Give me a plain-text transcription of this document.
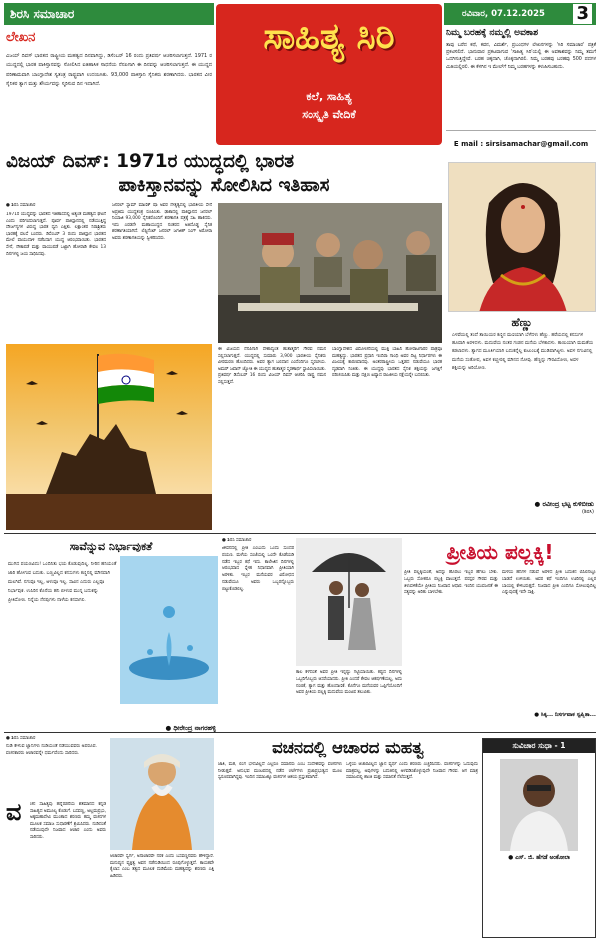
ಶಿರಸಿ ಸಮಾಚಾರ
ಲೇಖನ
ವಿಜಯ್ ದಿವಸ್ ಭಾರತದ ರಾಷ್ಟ್ರೀಯ ಮಹತ್ವದ ದಿನವಾಗಿದ್ದು, ಡಿಸೆಂಬರ್ 16 ರಂದು ಪ್ರತಿವರ್ಷ ಆಚರಿಸಲಾಗುತ್ತದೆ. 1971 ರ ಯುದ್ಧದಲ್ಲಿ ಭಾರತ ಪಾಕಿಸ್ತಾನವನ್ನು ಸೋಲಿಸಿದ ಐತಿಹಾಸಿಕ ಸಾಧನೆಯ ನೆನಪಿಗಾಗಿ ಈ ದಿನವನ್ನು ಆಚರಿಸಲಾಗುತ್ತದೆ. ಈ ಯುದ್ಧದ ಪರಿಣಾಮವಾಗಿ ಬಾಂಗ್ಲಾದೇಶ ಸ್ವತಂತ್ರ ರಾಷ್ಟ್ರವಾಗಿ ಉದಯಿಸಿತು. 93,000 ಪಾಕಿಸ್ತಾನಿ ಸೈನಿಕರು ಶರಣಾಗಿದರು. ಭಾರತದ ವೀರ ಸೈನಿಕರ ತ್ಯಾಗ ಮತ್ತು ಶೌರ್ಯವನ್ನು ಸ್ಮರಿಸುವ ದಿನ ಇದಾಗಿದೆ.
ಸಾಹಿತ್ಯ ಸಿರಿ
ಕಲೆ, ಸಾಹಿತ್ಯ
ಸಂಸ್ಕೃತಿ ವೇದಿಕೆ
ರವಿವಾರ, 07.12.2025 3
ನಿಮ್ಮ ಬರಹಕ್ಕೆ ನಮ್ಮಲ್ಲಿ ಅವಕಾಶ
ತಾವು ಬರೆದ ಕಥೆ, ಕವನ, ವಿಮರ್ಶೆ, ಪ್ರಬಂಧಗಳ ಲೇಖನಗಳನ್ನು 'ಸಿರಿ ಸಮಾಚಾರ' ಪತ್ರಿಕೆ ಪ್ರಕಟಿಸಲಿದೆ. ಭಾನುವಾರ ಪ್ರಕಟವಾಗುವ 'ಸಾಹಿತ್ಯ ಸಿರಿ'ಯಲ್ಲಿ ಈ ಅವಕಾಶವನ್ನು ನಿಮ್ಮ ತಮಗೆ ಒದಗಿಸುತ್ತಿದ್ದೇವೆ. ಬರಹ ಚಿಕ್ಕದಾಗಿ, ಚೊಕ್ಕದಾಗಿರಲಿ. ನಿಮ್ಮ ಬರಹವು ಬರಹವು 500 ಪದಗಳ ಮಿತಿಯಲ್ಲಿರಲಿ. ಈ ಕೆಳಗಿನ ಇ ಮೇಲ್‌ಗೆ ನಿಮ್ಮ ಬರಹಗಳನ್ನು ಕಳುಹಿಸಬಹುದು.
E mail : sirsisamachar@gmail.com
ವಿಜಯ್ ದಿವಸ್: 1971ರ ಯುದ್ಧದಲ್ಲಿ ಭಾರತ
ಪಾಕಿಸ್ತಾನವನ್ನು ಸೋಲಿಸಿದ ಇತಿಹಾಸ
● ಶಿರಸಿ ಸಮಾಚಾರ
1971ರ ಯುದ್ಧವನ್ನು ಭಾರತದ ಇತಿಹಾಸದಲ್ಲಿ ಅತ್ಯಂತ ಮಹತ್ವದ ಘಟನೆ ಎಂದು ಪರಿಗಣಿಸಲಾಗುತ್ತದೆ. ಪೂರ್ವ ಪಾಕಿಸ್ತಾನದಲ್ಲಿ ನಡೆಯುತ್ತಿದ್ದ ದೌರ್ಜನ್ಯಗಳ ವಿರುದ್ಧ ಭಾರತ ಧ್ವನಿ ಎತ್ತಿತು. ಲಕ್ಷಾಂತರ ನಿರಾಶ್ರಿತರು ಭಾರತಕ್ಕೆ ವಲಸೆ ಬಂದರು. ಡಿಸೆಂಬರ್ 3 ರಂದು ಪಾಕಿಸ್ತಾನ ಭಾರತದ ಮೇಲೆ ವಾಯುದಾಳಿ ನಡೆಸಿದಾಗ ಯುದ್ಧ ಆರಂಭವಾಯಿತು. ಭಾರತದ ಸೇನೆ, ನೌಕಾಪಡೆ ಮತ್ತು ವಾಯುಪಡೆ ಒಟ್ಟಾಗಿ ಹೋರಾಡಿ ಕೇವಲ 13 ದಿನಗಳಲ್ಲಿ ಜಯ ಸಾಧಿಸಿದವು.
ಜನರಲ್ ಸ್ಯಾಮ್ ಮಾಣಿಕ್ ಷಾ ಅವರ ನೇತೃತ್ವದಲ್ಲಿ ಭಾರತೀಯ ಸೇನೆ ಅಪ್ರತಿಮ ಯುದ್ಧತಂತ್ರ ರೂಪಿಸಿತು. ಢಾಕಾದಲ್ಲಿ ಪಾಕಿಸ್ತಾನದ ಜನರಲ್ ನಿಯಾಜಿ 93,000 ಸೈನಿಕರೊಂದಿಗೆ ಶರಣಾಗತಿ ಪತ್ರಕ್ಕೆ ಸಹಿ ಹಾಕಿದರು. ಇದು ಎರಡನೇ ಮಹಾಯುದ್ಧದ ನಂತರದ ಅತಿದೊಡ್ಡ ಸೈನಿಕ ಶರಣಾಗತಿಯಾಗಿದೆ. ಲೆಫ್ಟಿನೆಂಟ್ ಜನರಲ್ ಜಗಜಿತ್ ಸಿಂಗ್ ಅರೋರಾ ಅವರು ಶರಣಾಗತಿಯನ್ನು ಸ್ವೀಕರಿಸಿದರು.
ಈ ವಿಜಯದ ನೆನಪಿಗಾಗಿ ದೇಶಾದ್ಯಂತ ಹುತಾತ್ಮರಿಗೆ ಗೌರವ ನಮನ ಸಲ್ಲಿಸಲಾಗುತ್ತದೆ. ಯುದ್ಧದಲ್ಲಿ ಸುಮಾರು 3,900 ಭಾರತೀಯ ಸೈನಿಕರು ವೀರಮರಣ ಹೊಂದಿದರು. ಅವರ ತ್ಯಾಗ ಬಲಿದಾನ ಎಂದೆಂದಿಗೂ ಸ್ಮರಣೀಯ. ಅಮರ್ ಜವಾನ್ ಜ್ಯೋತಿ ಈ ಯುದ್ಧದ ಹುತಾತ್ಮರ ಸ್ಮರಣಾರ್ಥ ಸ್ಥಾಪಿಸಲಾಯಿತು. ಪ್ರತಿವರ್ಷ ಡಿಸೆಂಬರ್ 16 ರಂದು ವಿಜಯ್ ದಿವಸ್ ಆಚರಿಸಿ ರಾಷ್ಟ್ರ ನಮನ ಸಲ್ಲಿಸುತ್ತದೆ.
ಬಾಂಗ್ಲಾದೇಶದ ವಿಮೋಚನೆಯಲ್ಲಿ ಮುಕ್ತಿ ಬಾಹಿನಿ ಹೋರಾಟಗಾರರ ಪಾತ್ರವೂ ಮಹತ್ವದ್ದು. ಭಾರತದ ಪ್ರಧಾನಿ ಇಂದಿರಾ ಗಾಂಧಿ ಅವರ ದಿಟ್ಟ ನಿರ್ಧಾರಗಳು ಈ ವಿಜಯಕ್ಕೆ ಕಾರಣವಾದವು. ಅಂತರರಾಷ್ಟ್ರೀಯ ಒತ್ತಡದ ನಡುವೆಯೂ ಭಾರತ ದೃಢವಾಗಿ ನಿಂತಿತು. ಈ ಯುದ್ಧವು ಭಾರತದ ಸೈನಿಕ ಶಕ್ತಿಯನ್ನು ಜಗತ್ತಿಗೆ ಪರಿಚಯಿಸಿತು ಮತ್ತು ದಕ್ಷಿಣ ಏಷ್ಯಾದ ರಾಜಕೀಯ ನಕ್ಷೆಯನ್ನೇ ಬದಲಿಸಿತು.
ಹೆಣ್ಣು
ಎಳವೆಯಲ್ಲಿ ತಂದೆ ತಾಯಿಯರ ಕಣ್ಣಿನ ಮಣಿಯಾಗಿ ಬೆಳೆದಳು ಹೆಣ್ಣು. ಹರೆಯದಲ್ಲಿ ಕನಸುಗಳ ಹೂವಾಗಿ ಅರಳಿದಳು. ಮದುವೆಯ ನಂತರ ಗಂಡನ ಮನೆಯ ಬೆಳಕಾದಳು. ತಾಯಿಯಾಗಿ ಮಮತೆಯ ಕಡಲಾದಳು. ತ್ಯಾಗದ ಮೂರ್ತಿಯಾಗಿ ಬದುಕನ್ನೆಲ್ಲ ಕುಟುಂಬಕ್ಕೆ ಮುಡಿಪಾಗಿಟ್ಟಳು. ಅವಳ ನಗುವಿನಲ್ಲಿ ಮನೆಯ ಸಂತೋಷ, ಅವಳ ಕಣ್ಣೀರಲ್ಲಿ ಮೌನದ ನೋವು. ಹೆಣ್ಣನ್ನು ಗೌರವಿಸೋಣ, ಅವಳ ಶಕ್ತಿಯನ್ನು ಅರಿಯೋಣ.
● ರವೀಂದ್ರ ಭಟ್ಟ ಕುಳಿಬೀಡು
(ಶಿರಸಿ)
ಸಾವೆನ್ನುವ ನಿರ್ಭಾವುಕತೆ
ಮುಗಿದ ಪಯಣವಿದು! ಒಂದಿನಿತು ಭಯ ಕೊಡುವುದಿಲ್ಲ. ನೀರಿನ ಹನಿಯಂತೆ ಜಾರಿ ಹೋಗುವ ಬದುಕು. ಬಣ್ಣವಿಲ್ಲದ ಕನಸುಗಳು ಕಣ್ಣಿನಲ್ಲಿ ಮೌನವಾಗಿ ಮಲಗಿವೆ. ನಗುವೂ ಇಲ್ಲ, ಅಳುವೂ ಇಲ್ಲ. ಸಾವಿನ ಎದುರು ಎಲ್ಲವೂ ನಿರ್ಭಾವುಕ. ಉಸಿರಿನ ಕೊನೆಯ ಹನಿ ಬೀಳುವ ಮುನ್ನ ಬದುಕನ್ನು ಪ್ರೀತಿಸೋಣ. ನಿನ್ನೆಯ ನೆನಪುಗಳು ನಾಳೆಯ ಕನಸಾಗಲಿ.
● ಧೀರೇಂದ್ರ ನಾಗರಹಳ್ಳಿ
● ಶಿರಸಿ ಸಮಾಚಾರ
ಜೀವನದಲ್ಲಿ ಪ್ರೀತಿ ಎಂಬುದು ಒಂದು ಸುಂದರ ಪಯಣ. ಮಳೆಯ ಸಂಜೆಯಲ್ಲಿ ಒಂದೇ ಕೊಡೆಯಡಿ ನಡೆದ ಇಬ್ಬರ ಕಥೆ ಇದು. ಕಾಲೇಜಿನ ದಿನಗಳಲ್ಲಿ ಆರಂಭವಾದ ಸ್ನೇಹ ನಿಧಾನವಾಗಿ ಪ್ರೀತಿಯಾಗಿ ಅರಳಿತು. ಇಬ್ಬರ ಮನೆಯವರ ವಿರೋಧದ ನಡುವೆಯೂ ಅವರು ಒಬ್ಬರನ್ನೊಬ್ಬರು ಬಿಟ್ಟುಕೊಡಲಿಲ್ಲ.
ಪ್ರೀತಿಯ ಪಲ್ಲಕ್ಕಿ!
ಪ್ರೀತಿ ಪಲ್ಲಕ್ಕಿಯಂತೆ, ಅದನ್ನು ಹೊರಲು ಇಬ್ಬರ ಹೆಗಲು ಬೇಕು. ಒಬ್ಬರು ಸೋತರೂ ಪಲ್ಲಕ್ಕಿ ವಾಲುತ್ತದೆ. ಪರಸ್ಪರ ಗೌರವ ಮತ್ತು ತಿಳುವಳಿಕೆಯೇ ಪ್ರೀತಿಯ ನಿಜವಾದ ಆಧಾರ. ಇಂದಿನ ಯುವಜನತೆ ಈ ಸತ್ಯವನ್ನು ಅರಿತು ಬಾಳಬೇಕು.
ಮಳೆಯ ಹನಿಗಳ ನಡುವೆ ಅರಳಿದ ಪ್ರೀತಿ ಬದುಕಿನ ಬಿಸಿಲಿನಲ್ಲೂ ಬಾಡದೆ ಉಳಿಯಿತು. ಅವರ ಕಥೆ ಇಂದಿಗೂ ಊರಿನಲ್ಲಿ ಎಲ್ಲರ ಬಾಯಲ್ಲಿ ಕೇಳಿಬರುತ್ತದೆ. ನಿಜವಾದ ಪ್ರೀತಿ ಎಂದಿಗೂ ಸೋಲುವುದಿಲ್ಲ ಎನ್ನುವುದಕ್ಕೆ ಇದೇ ಸಾಕ್ಷಿ.
ಕಾಲ ಕಳೆದಂತೆ ಅವರ ಪ್ರೀತಿ ಇನ್ನಷ್ಟು ಗಟ್ಟಿಯಾಯಿತು. ಕಷ್ಟದ ದಿನಗಳಲ್ಲಿ ಒಬ್ಬರಿಗೊಬ್ಬರು ಆಸರೆಯಾದರು. ಪ್ರೀತಿ ಎಂದರೆ ಕೇವಲ ಆಕರ್ಷಣೆಯಲ್ಲ, ಅದು ನಂಬಿಕೆ, ತ್ಯಾಗ ಮತ್ತು ಹೊಂದಾಣಿಕೆ. ಕೊನೆಗೂ ಮನೆಯವರ ಒಪ್ಪಿಗೆಯೊಂದಿಗೆ ಅವರ ಪ್ರೀತಿಯ ಪಲ್ಲಕ್ಕಿ ಮದುವೆಯ ಮಂಟಪ ತಲುಪಿತು.
● ಸಿಕ್ಕ... ನಿಸರ್ಗವಾಕ ಸ್ವಪ್ನಿತಾ...
● ಶಿರಸಿ ಸಮಾಚಾರ
ನುಡಿ ಕೇಳುವ ಜ್ಞಾನಿಗಳು ನುಡಿಯಂತೆ ನಡೆಯುವವರು ಅಪರೂಪ. ವಚನಕಾರರು ಆಚಾರವನ್ನೇ ಧರ್ಮವೆಂದು ಸಾರಿದರು.
ವ ಚನ ಸಾಹಿತ್ಯವು ಹನ್ನೆರಡನೆಯ ಶತಮಾನದ ಕನ್ನಡ ಸಾಹಿತ್ಯದ ಅಮೂಲ್ಯ ಕೊಡುಗೆ. ಬಸವಣ್ಣ, ಅಲ್ಲಮಪ್ರಭು, ಅಕ್ಕಮಹಾದೇವಿ ಮುಂತಾದ ಶರಣರು ತಮ್ಮ ವಚನಗಳ ಮೂಲಕ ಸಮಾಜ ಸುಧಾರಣೆಗೆ ಶ್ರಮಿಸಿದರು. ನುಡಿದಂತೆ ನಡೆಯುವುದೇ ನಿಜವಾದ ಆಚಾರ ಎಂದು ಅವರು ಸಾರಿದರು.
ವಚನದಲ್ಲಿ ಆಚಾರದ ಮಹತ್ವ
ಆಚಾರವೇ ಸ್ವರ್ಗ, ಅನಾಚಾರವೇ ನರಕ ಎಂದು ಬಸವಣ್ಣನವರು ಹೇಳಿದ್ದಾರೆ. ಮನುಷ್ಯನ ವ್ಯಕ್ತಿತ್ವ ಅವನ ನಡೆನುಡಿಯಿಂದ ರೂಪುಗೊಳ್ಳುತ್ತದೆ. ಕಾಯಕವೇ ಕೈಲಾಸ ಎಂಬ ತತ್ವದ ಮೂಲಕ ದುಡಿಮೆಯ ಮಹತ್ವವನ್ನು ಶರಣರು ಎತ್ತಿ ಹಿಡಿದರು.
ಜಾತಿ, ಮತ, ಲಿಂಗ ಭೇದವಿಲ್ಲದೆ ಎಲ್ಲರೂ ಸಮಾನರು ಎಂಬ ಸಂದೇಶವನ್ನು ವಚನಗಳು ನೀಡುತ್ತವೆ. ಅನುಭವ ಮಂಟಪದಲ್ಲಿ ನಡೆದ ಚರ್ಚೆಗಳು ಪ್ರಜಾಪ್ರಭುತ್ವದ ಮೂಲ ಸ್ವರೂಪವಾಗಿದ್ದವು. ಇಂದಿನ ಸಮಾಜಕ್ಕೂ ವಚನಗಳ ಆಶಯ ಪ್ರಸ್ತುತವಾಗಿದೆ.
ಒಳ್ಳೆಯ ಆಚಾರವಿಲ್ಲದ ಜ್ಞಾನ ವ್ಯರ್ಥ ಎಂದು ಶರಣರು ಎಚ್ಚರಿಸಿದರು. ವಚನಗಳನ್ನು ಓದುವುದು ಮಾತ್ರವಲ್ಲ, ಅವುಗಳನ್ನು ಬದುಕಿನಲ್ಲಿ ಅಳವಡಿಸಿಕೊಳ್ಳುವುದೇ ನಿಜವಾದ ಗೌರವ. ಆಗ ಮಾತ್ರ ಸಮಾಜದಲ್ಲಿ ಶಾಂತಿ ಮತ್ತು ಸಮಾನತೆ ನೆಲೆಸುತ್ತದೆ.
ಸುವಿಚಾರ ಸುಧಾ - 1
● ಎಸ್. ಜಿ. ಹೆಗಡೆ ಅಂಕೋಲಾ
